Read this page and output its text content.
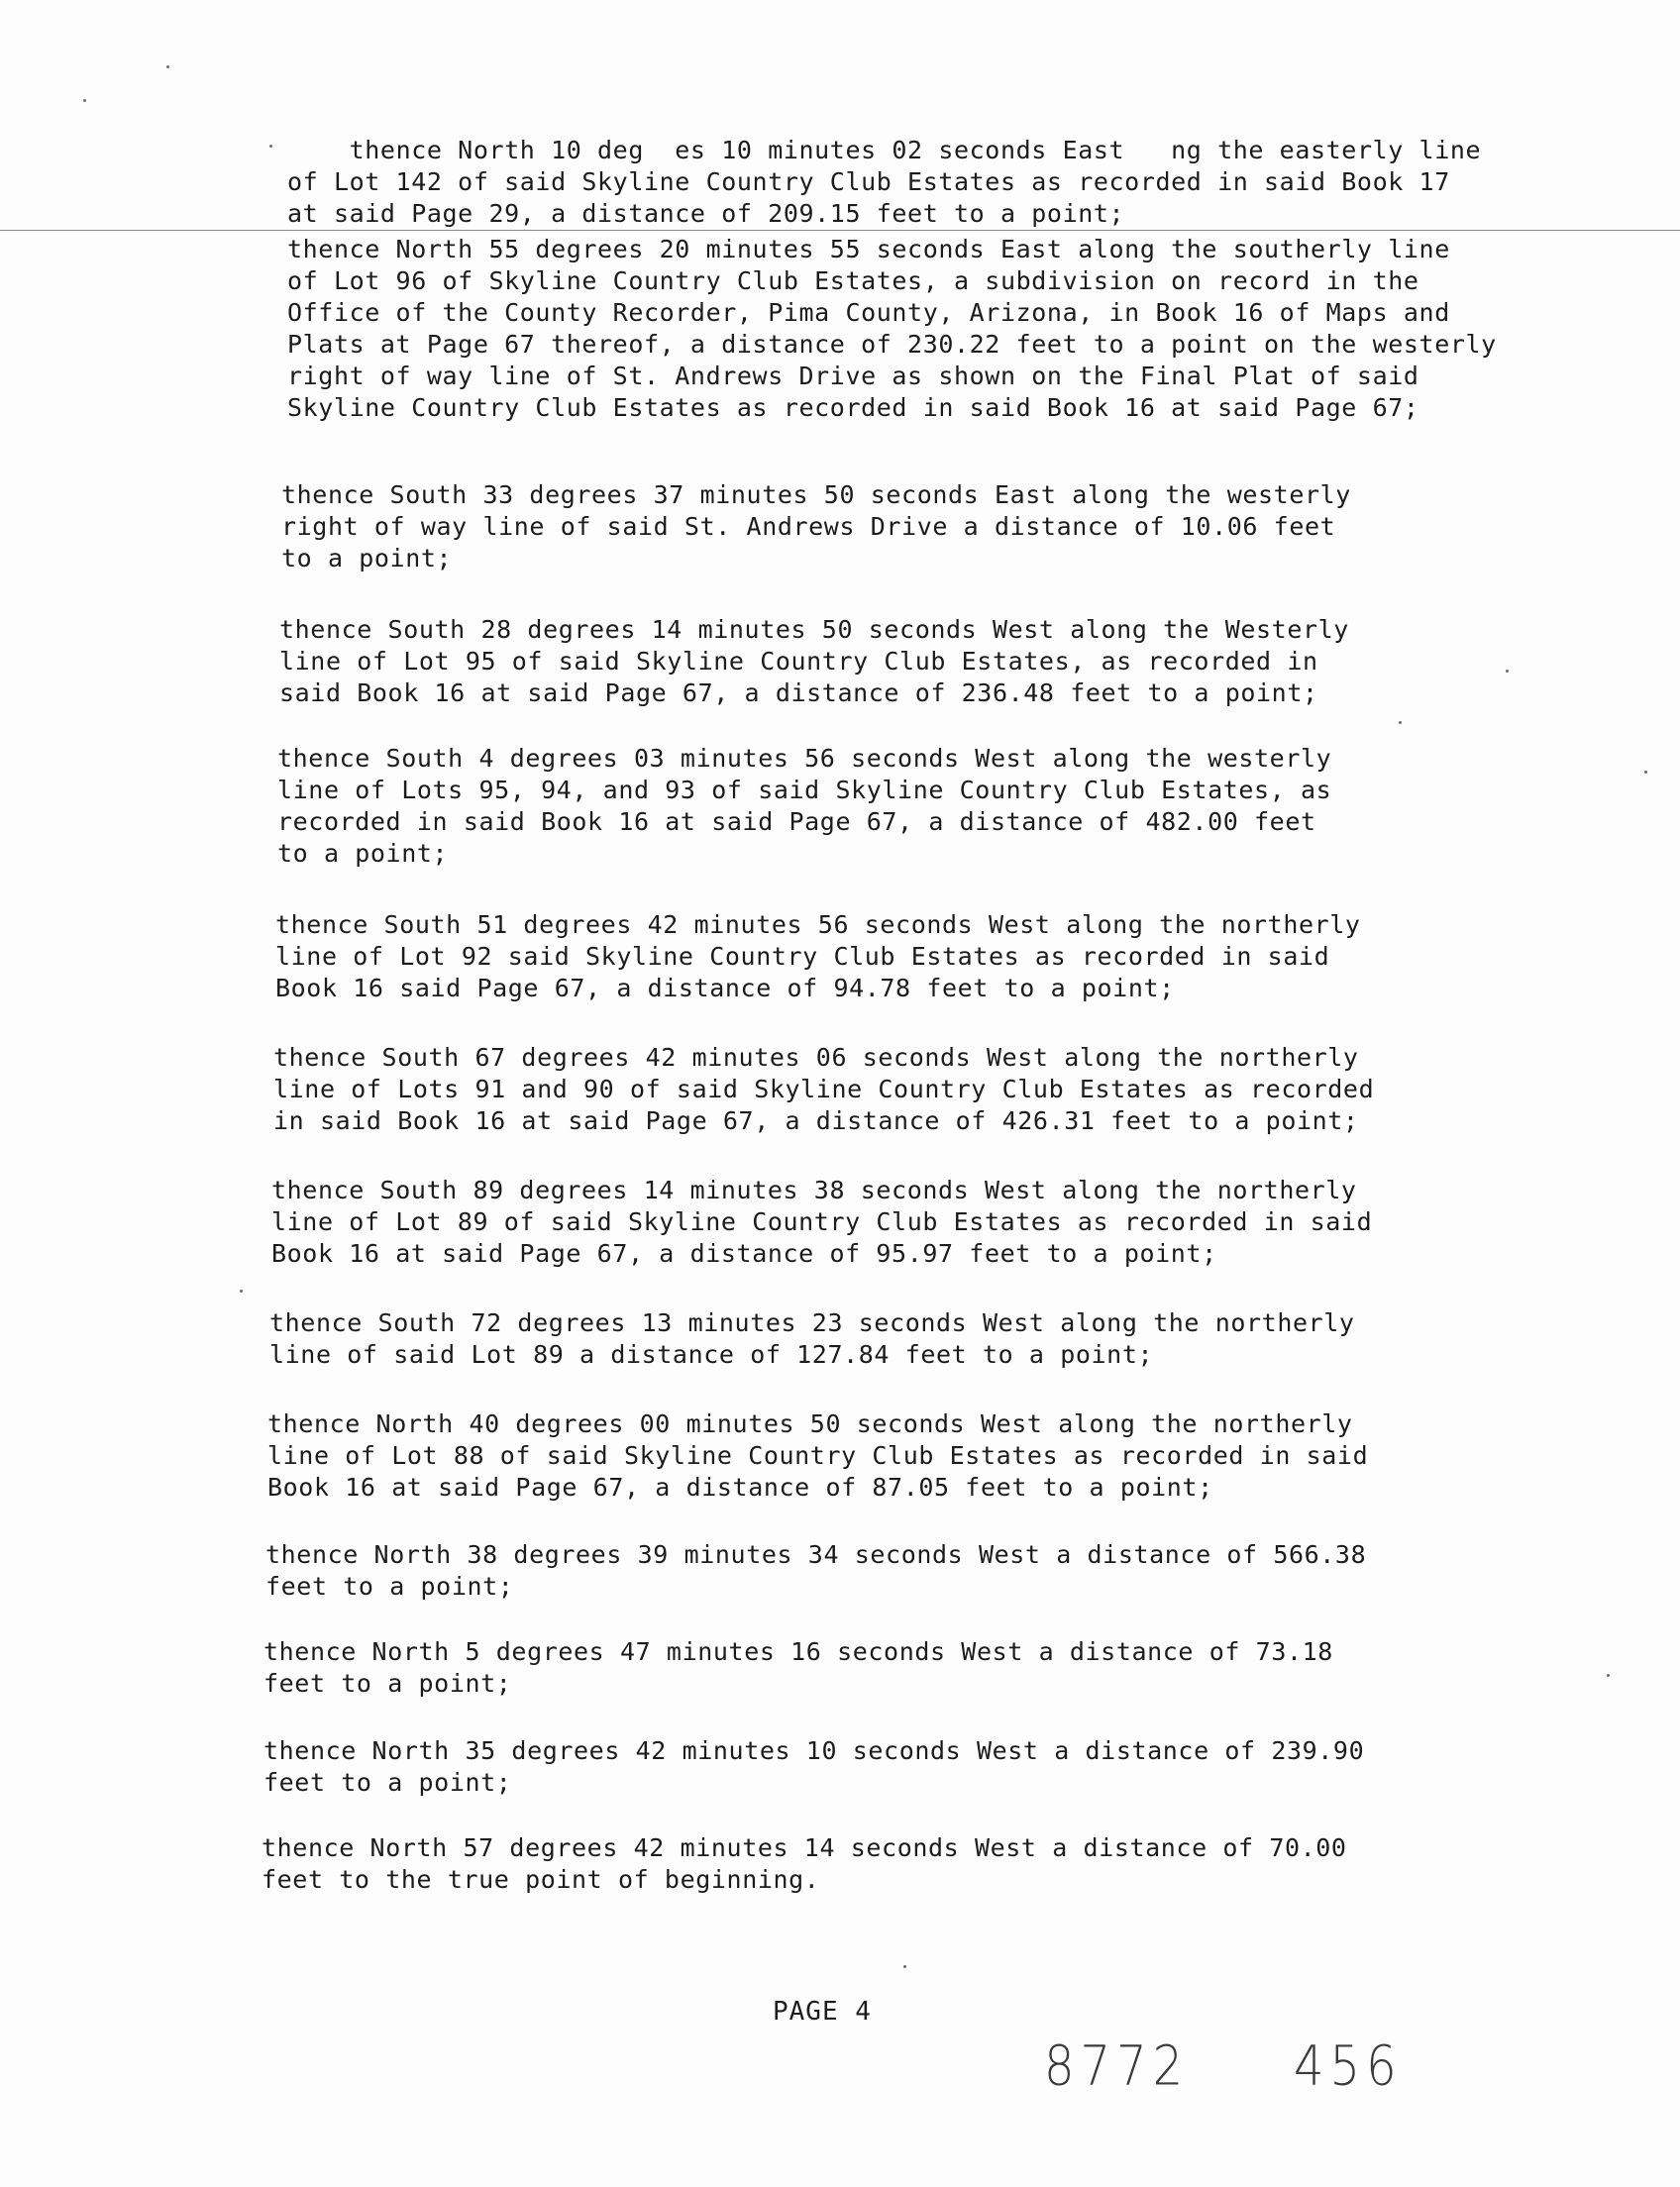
thence North 10 deg  es 10 minutes 02 seconds East   ng the easterly line
of Lot 142 of said Skyline Country Club Estates as recorded in said Book 17
at said Page 29, a distance of 209.15 feet to a point;

thence North 55 degrees 20 minutes 55 seconds East along the southerly line
of Lot 96 of Skyline Country Club Estates, a subdivision on record in the
Office of the County Recorder, Pima County, Arizona, in Book 16 of Maps and
Plats at Page 67 thereof, a distance of 230.22 feet to a point on the westerly
right of way line of St. Andrews Drive as shown on the Final Plat of said
Skyline Country Club Estates as recorded in said Book 16 at said Page 67;

thence South 33 degrees 37 minutes 50 seconds East along the westerly
right of way line of said St. Andrews Drive a distance of 10.06 feet
to a point;

thence South 28 degrees 14 minutes 50 seconds West along the Westerly
line of Lot 95 of said Skyline Country Club Estates, as recorded in
said Book 16 at said Page 67, a distance of 236.48 feet to a point;

thence South 4 degrees 03 minutes 56 seconds West along the westerly
line of Lots 95, 94, and 93 of said Skyline Country Club Estates, as
recorded in said Book 16 at said Page 67, a distance of 482.00 feet
to a point;

thence South 51 degrees 42 minutes 56 seconds West along the northerly
line of Lot 92 said Skyline Country Club Estates as recorded in said
Book 16 said Page 67, a distance of 94.78 feet to a point;

thence South 67 degrees 42 minutes 06 seconds West along the northerly
line of Lots 91 and 90 of said Skyline Country Club Estates as recorded
in said Book 16 at said Page 67, a distance of 426.31 feet to a point;

thence South 89 degrees 14 minutes 38 seconds West along the northerly
line of Lot 89 of said Skyline Country Club Estates as recorded in said
Book 16 at said Page 67, a distance of 95.97 feet to a point;

thence South 72 degrees 13 minutes 23 seconds West along the northerly
line of said Lot 89 a distance of 127.84 feet to a point;

thence North 40 degrees 00 minutes 50 seconds West along the northerly
line of Lot 88 of said Skyline Country Club Estates as recorded in said
Book 16 at said Page 67, a distance of 87.05 feet to a point;

thence North 38 degrees 39 minutes 34 seconds West a distance of 566.38
feet to a point;

thence North 5 degrees 47 minutes 16 seconds West a distance of 73.18
feet to a point;

thence North 35 degrees 42 minutes 10 seconds West a distance of 239.90
feet to a point;

thence North 57 degrees 42 minutes 14 seconds West a distance of 70.00
feet to the true point of beginning.

PAGE 4
8772 456
